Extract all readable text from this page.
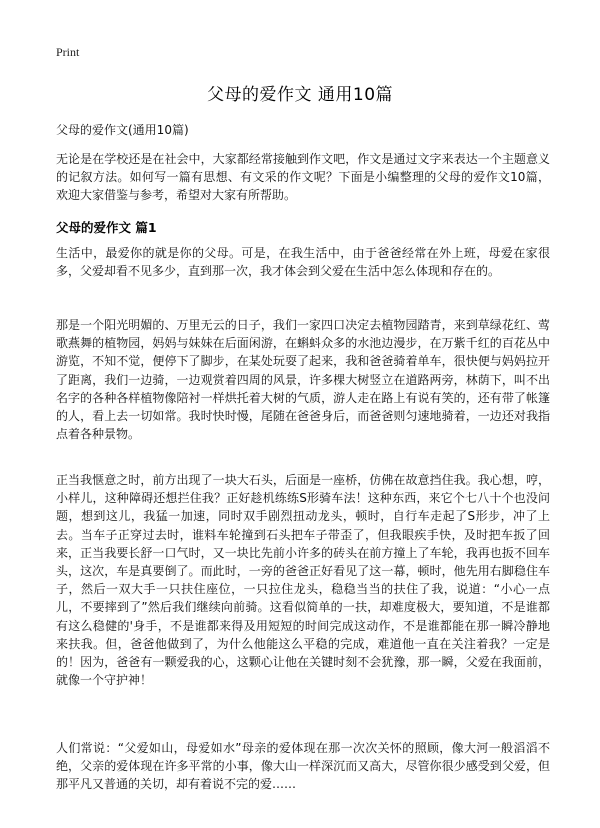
Print
父母的爱作文 通用10篇
父母的爱作文(通用10篇)

无论是在学校还是在社会中，大家都经常接触到作文吧，作文是通过文字来表达一个主题意义的记叙方法。如何写一篇有思想、有文采的作文呢？下面是小编整理的父母的爱作文10篇，欢迎大家借鉴与参考，希望对大家有所帮助。

父母的爱作文 篇1

生活中，最爱你的就是你的父母。可是，在我生活中，由于爸爸经常在外上班，母爱在家很多，父爱却看不见多少，直到那一次，我才体会到父爱在生活中怎么体现和存在的。

那是一个阳光明媚的、万里无云的日子，我们一家四口决定去植物园踏青，来到草绿花红、莺歌燕舞的植物园，妈妈与妹妹在后面闲游，在蝌蚪众多的水池边漫步，在万紫千红的百花丛中游览，不知不觉，便停下了脚步，在某处玩耍了起来，我和爸爸骑着单车，很快便与妈妈拉开了距离，我们一边骑，一边观赏着四周的风景，许多棵大树竖立在道路两旁，林荫下，叫不出名字的各种各样植物像陪衬一样烘托着大树的气质，游人走在路上有说有笑的，还有带了帐篷的人，看上去一切如常。我时快时慢，尾随在爸爸身后，而爸爸则匀速地骑着，一边还对我指点着各种景物。

正当我惬意之时，前方出现了一块大石头，后面是一座桥，仿佛在故意挡住我。我心想，哼，小样儿，这种障碍还想拦住我？正好趁机练练S形骑车法！这种东西，来它个七八十个也没问题，想到这儿，我猛一加速，同时双手剧烈扭动龙头，顿时，自行车走起了S形步，冲了上去。当车子正穿过去时，谁料车轮撞到石头把车子带歪了，但我眼疾手快，及时把车扳了回来，正当我要长舒一口气时，又一块比先前小许多的砖头在前方撞上了车轮，我再也扳不回车头，这次，车是真要倒了。而此时，一旁的爸爸正好看见了这一幕，顿时，他先用右脚稳住车子，然后一双大手一只扶住座位，一只拉住龙头，稳稳当当的扶住了我，说道：“小心一点儿，不要摔到了”然后我们继续向前骑。这看似简单的一扶，却难度极大，要知道，不是谁都有这么稳健的'身手，不是谁都来得及用短短的时间完成这动作，不是谁都能在那一瞬冷静地来扶我。但，爸爸他做到了，为什么他能这么平稳的完成，难道他一直在关注着我？一定是的！因为，爸爸有一颗爱我的心，这颗心让他在关键时刻不会犹豫，那一瞬，父爱在我面前，就像一个守护神！

人们常说：“父爱如山，母爱如水”母亲的爱体现在那一次次关怀的照顾，像大河一般滔滔不绝，父亲的爱体现在许多平常的小事，像大山一样深沉而又高大，尽管你很少感受到父爱，但那平凡又普通的关切，却有着说不完的爱……
